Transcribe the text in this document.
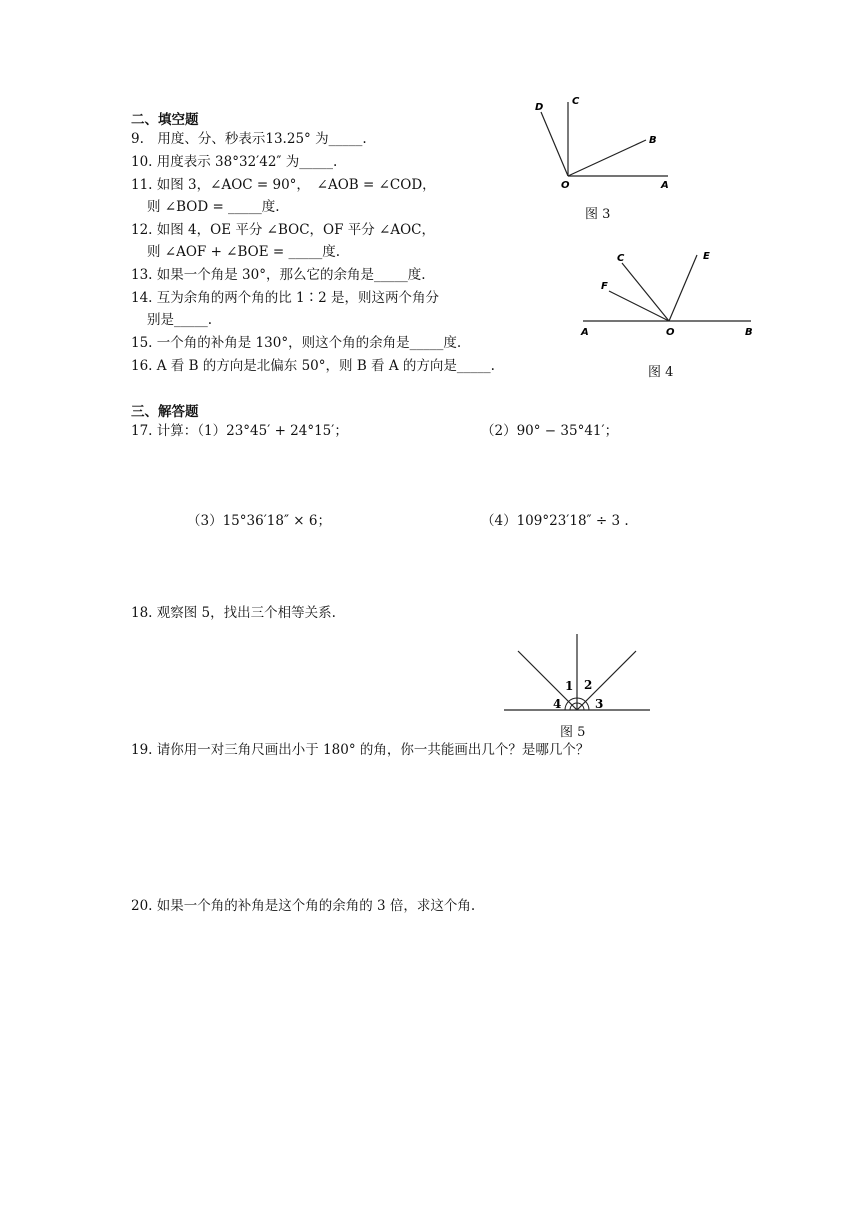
二、填空题
9.　用度、分、秒表示13.25° 为_____.
10. 用度表示 38°32′42″ 为_____.
11. 如图 3，∠AOC = 90°，　∠AOB = ∠COD，
则 ∠BOD = _____度.
12. 如图 4，OE 平分 ∠BOC，OF 平分 ∠AOC，
则 ∠AOF + ∠BOE = _____度.
13. 如果一个角是 30°，那么它的余角是_____度.
14. 互为余角的两个角的比 1∶2 是，则这两个角分
别是_____.
15. 一个角的补角是 130°，则这个角的余角是_____度.
16. A 看 B 的方向是北偏东 50°，则 B 看 A 的方向是_____.
D
C
B
O	A
图 3
C	E
F
A	O	B
图 4
三、解答题
17. 计算：（1）23°45′ + 24°15′；	（2）90° − 35°41′；
（3）15°36′18″ × 6；	（4）109°23′18″ ÷ 3 .
18. 观察图 5，找出三个相等关系.
1 2
3
4
图 5
19. 请你用一对三角尺画出小于 180° 的角，你一共能画出几个？是哪几个？
20. 如果一个角的补角是这个角的余角的 3 倍，求这个角.
